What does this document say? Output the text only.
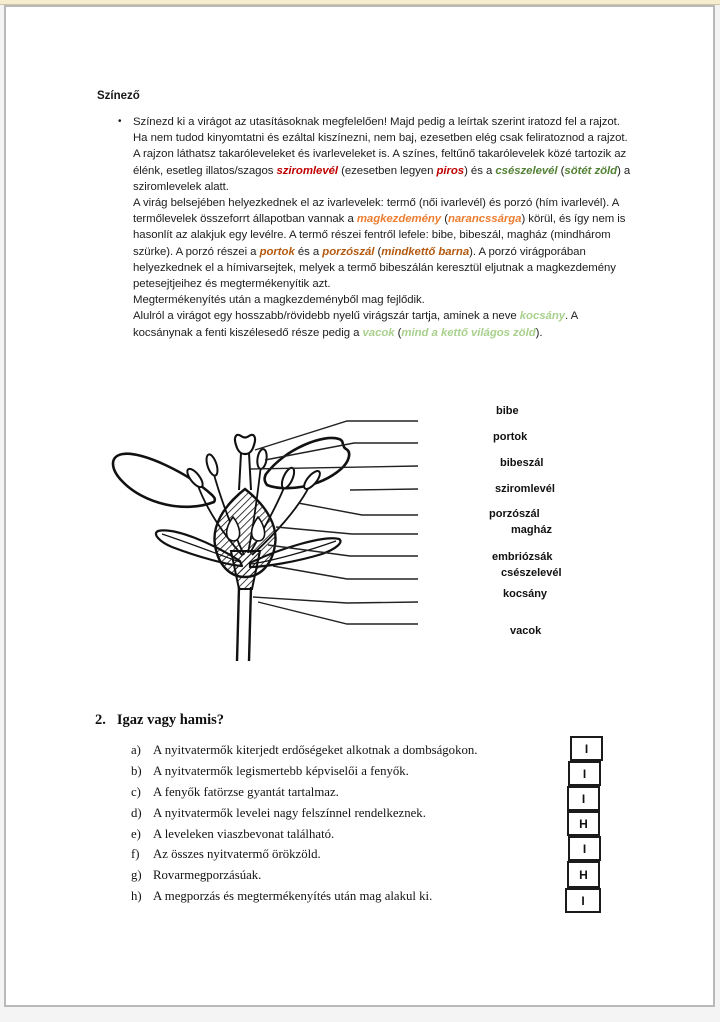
Színező
• Színezd ki a virágot az utasításoknak megfelelően! Majd pedig a leírtak szerint iratozd fel a rajzot. Ha nem tudod kinyomtatni és ezáltal kiszínezni, nem baj, ezesetben elég csak feliratoznod a rajzot.

A rajzon láthatsz takaróleveleket és ivarleveleket is. A színes, feltűnő takarólevelek közé tartozik az élénk, esetleg illatos/szagos sziromlevél (ezesetben legyen piros) és a csészelevél (sötét zöld) a sziromlevelek alatt.

A virág belsejében helyezkednek el az ivarlevelek: termő (női ivarlevél) és porzó (hím ivarlevél). A termőlevelek összeforrt állapotban vannak a magkezdemény (narancssárga) körül, és így nem is hasonlít az alakjuk egy levélre. A termő részei fentről lefele: bibe, bibeszál, magház (mindhárom szürke). A porzó részei a portok és a porzószál (mindkettő barna). A porzó virágporában helyezkednek el a hímivarsejtek, melyek a termő bibeszálán keresztül eljutnak a magkezdemény petesejtjeihez és megtermékenyítik azt.

Megtermékenyítés után a magkezdeményből mag fejlődik.

Alulról a virágot egy hosszabb/rövidebb nyelű virágszár tartja, aminek a neve kocsány. A kocsánynak a fenti kiszélesedő része pedig a vacok (mind a kettő világos zöld).

bibe
portok
bibeszál
sziromlevél
porzószál
magház
embriózsák
csészelevél
kocsány
vacok
2. Igaz vagy hamis?
a) A nyitvatermők kiterjedt erdőségeket alkotnak a dombságokon.
b) A nyitvatermők legismertebb képviselői a fenyők.
c) A fenyők fatörzse gyantát tartalmaz.
d) A nyitvatermők levelei nagy felszínnel rendelkeznek.
e) A leveleken viaszbevonat található.
f)	Az összes nyitvatermő örökzöld.
g) Rovarmegporzásúak.
h) A megporzás és megtermékenyítés után mag alakul ki.
I
I
I
H
I
H
I
